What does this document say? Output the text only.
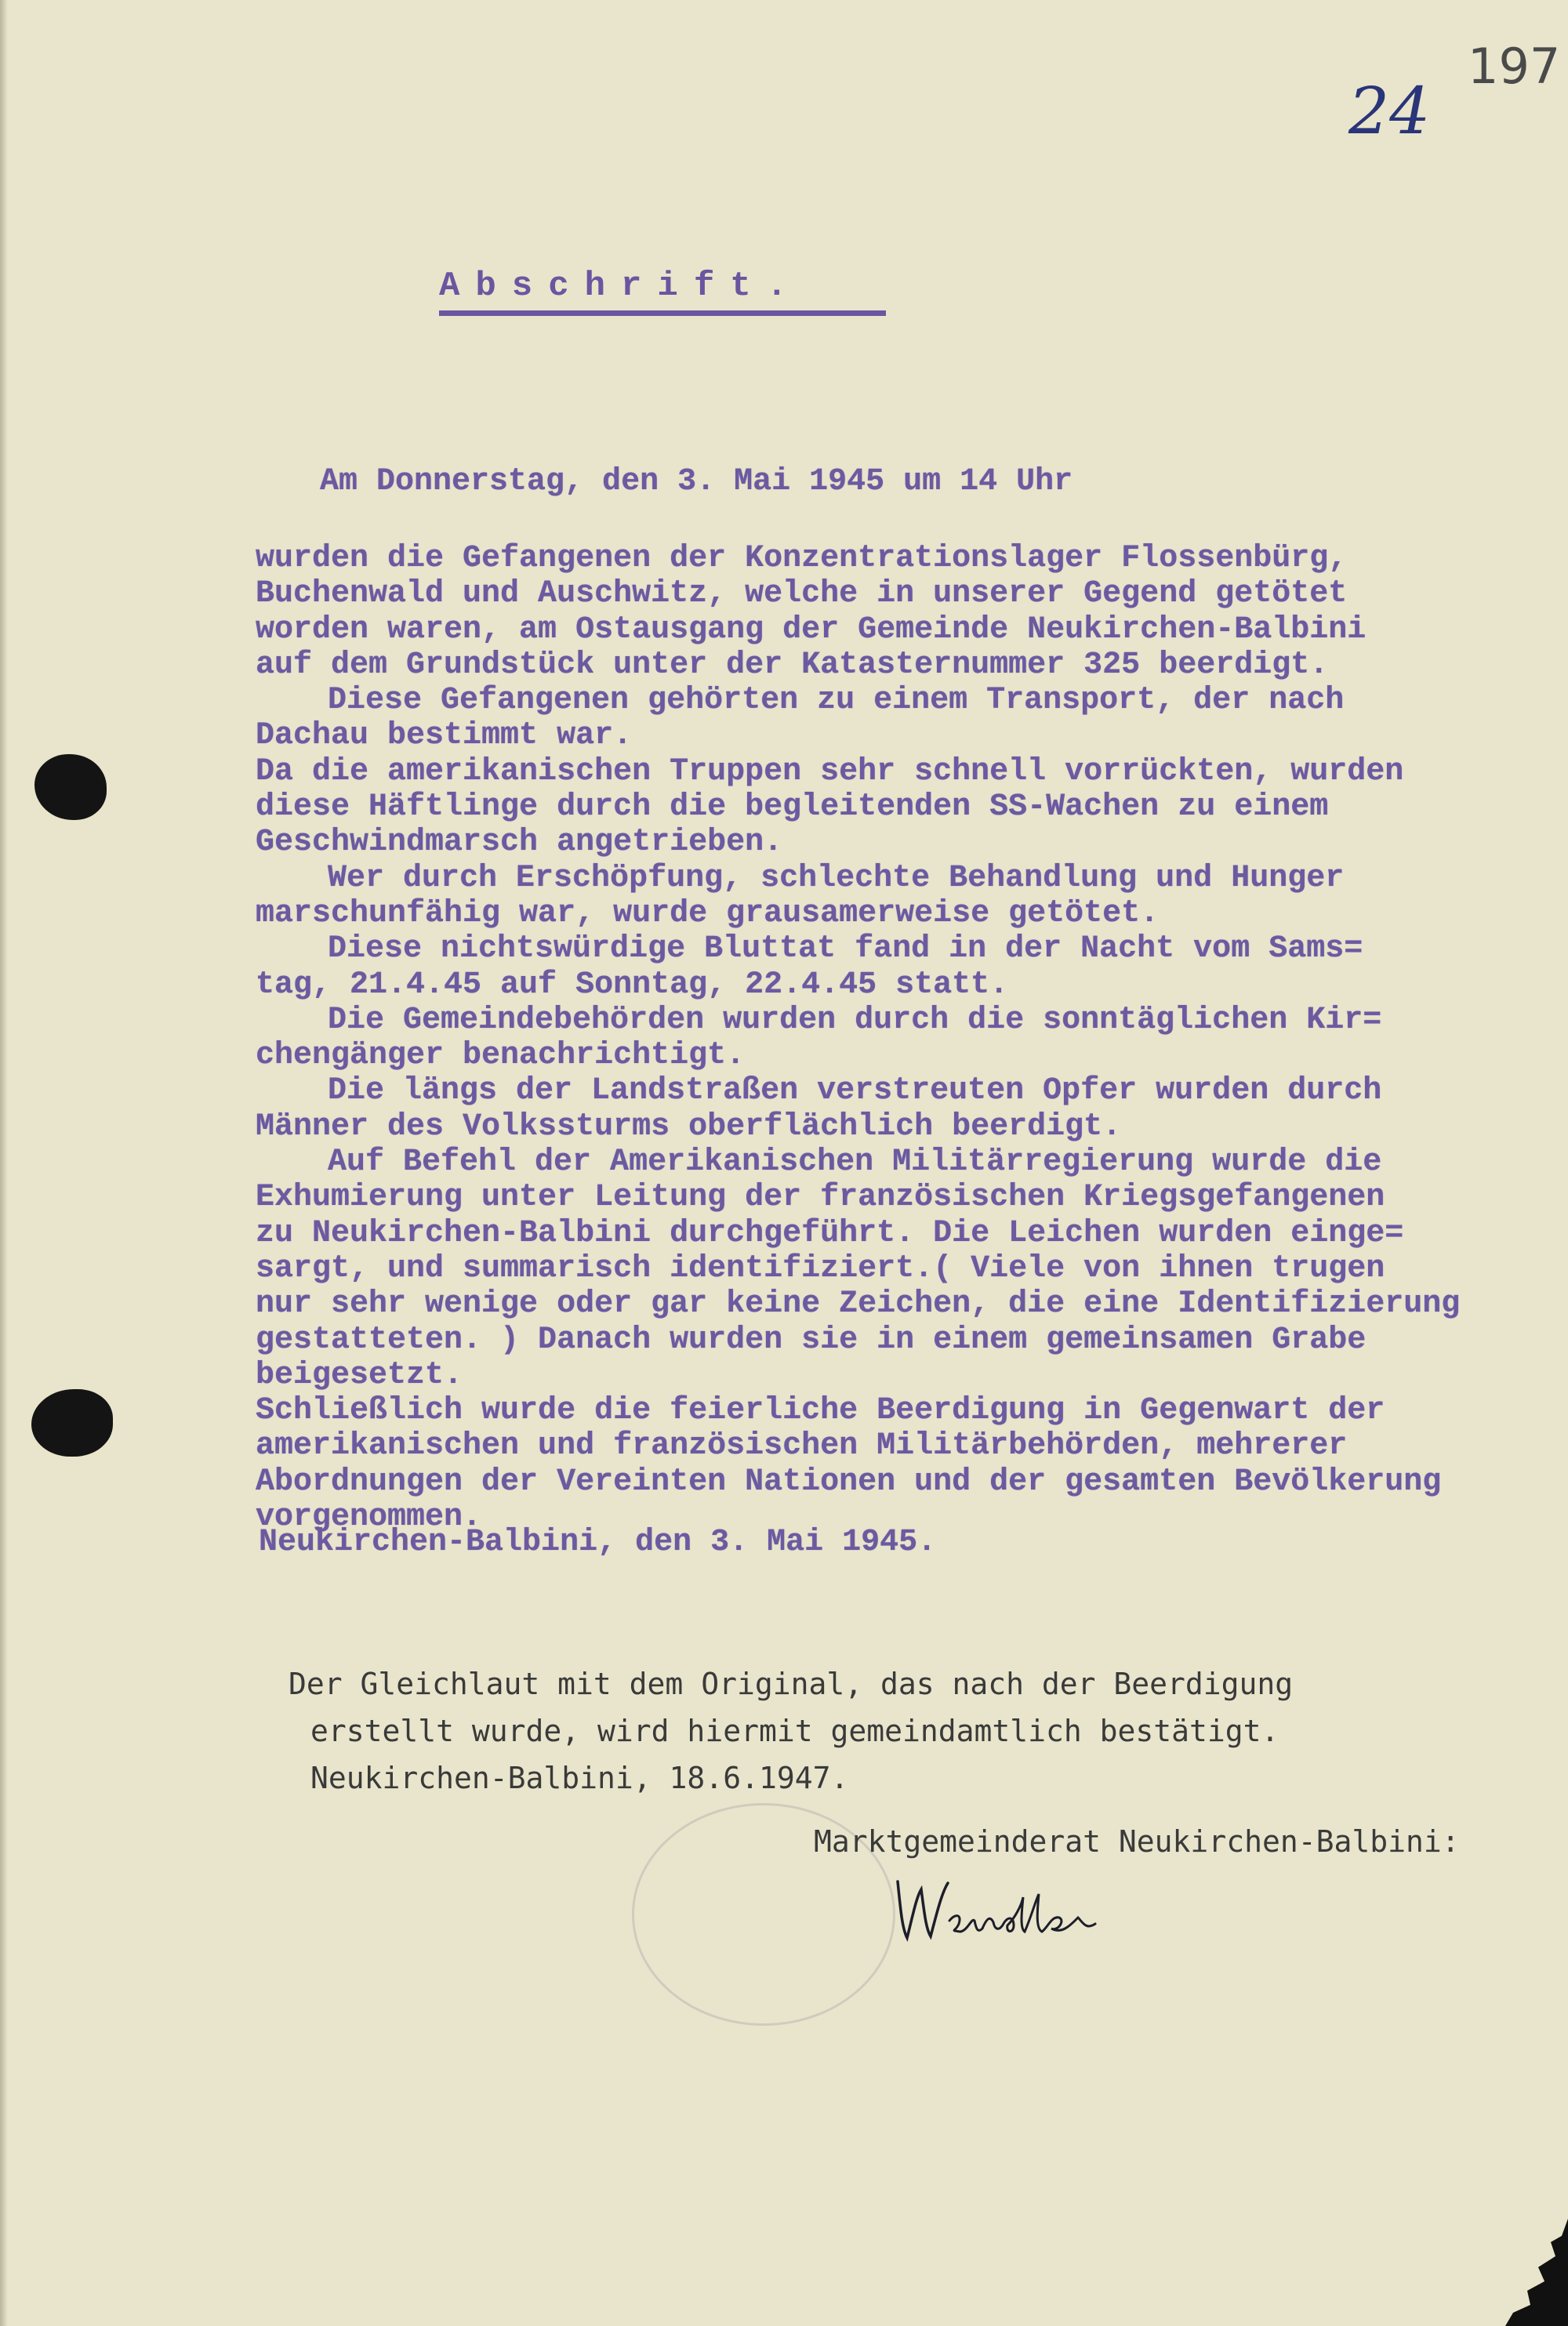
197
24
Abschrift.
Am Donnerstag, den 3. Mai 1945 um 14 Uhr
wurden die Gefangenen der Konzentrationslager Flossenbürg,
Buchenwald und Auschwitz, welche in unserer Gegend getötet
worden waren, am Ostausgang der Gemeinde Neukirchen-Balbini
auf dem Grundstück unter der Katasternummer 325 beerdigt.
Diese Gefangenen gehörten zu einem Transport, der nach
Dachau bestimmt war.
Da die amerikanischen Truppen sehr schnell vorrückten, wurden
diese Häftlinge durch die begleitenden SS-Wachen zu einem
Geschwindmarsch angetrieben.
Wer durch Erschöpfung, schlechte Behandlung und Hunger
marschunfähig war, wurde grausamerweise getötet.
Diese nichtswürdige Bluttat fand in der Nacht vom Sams=
tag, 21.4.45 auf Sonntag, 22.4.45 statt.
Die Gemeindebehörden wurden durch die sonntäglichen Kir=
chengänger benachrichtigt.
Die längs der Landstraßen verstreuten Opfer wurden durch
Männer des Volkssturms oberflächlich beerdigt.
Auf Befehl der Amerikanischen Militärregierung wurde die
Exhumierung unter Leitung der französischen Kriegsgefangenen
zu Neukirchen-Balbini durchgeführt. Die Leichen wurden einge=
sargt, und summarisch identifiziert.( Viele von ihnen trugen
nur sehr wenige oder gar keine Zeichen, die eine Identifizierung
gestatteten. ) Danach wurden sie in einem gemeinsamen Grabe
beigesetzt.
Schließlich wurde die feierliche Beerdigung in Gegenwart der
amerikanischen und französischen Militärbehörden, mehrerer
Abordnungen der Vereinten Nationen und der gesamten Bevölkerung
vorgenommen.
Neukirchen-Balbini, den 3. Mai 1945.
Der Gleichlaut mit dem Original, das nach der Beerdigung
erstellt wurde, wird hiermit gemeindamtlich bestätigt.
Neukirchen-Balbini, 18.6.1947.
Marktgemeinderat Neukirchen-Balbini:
